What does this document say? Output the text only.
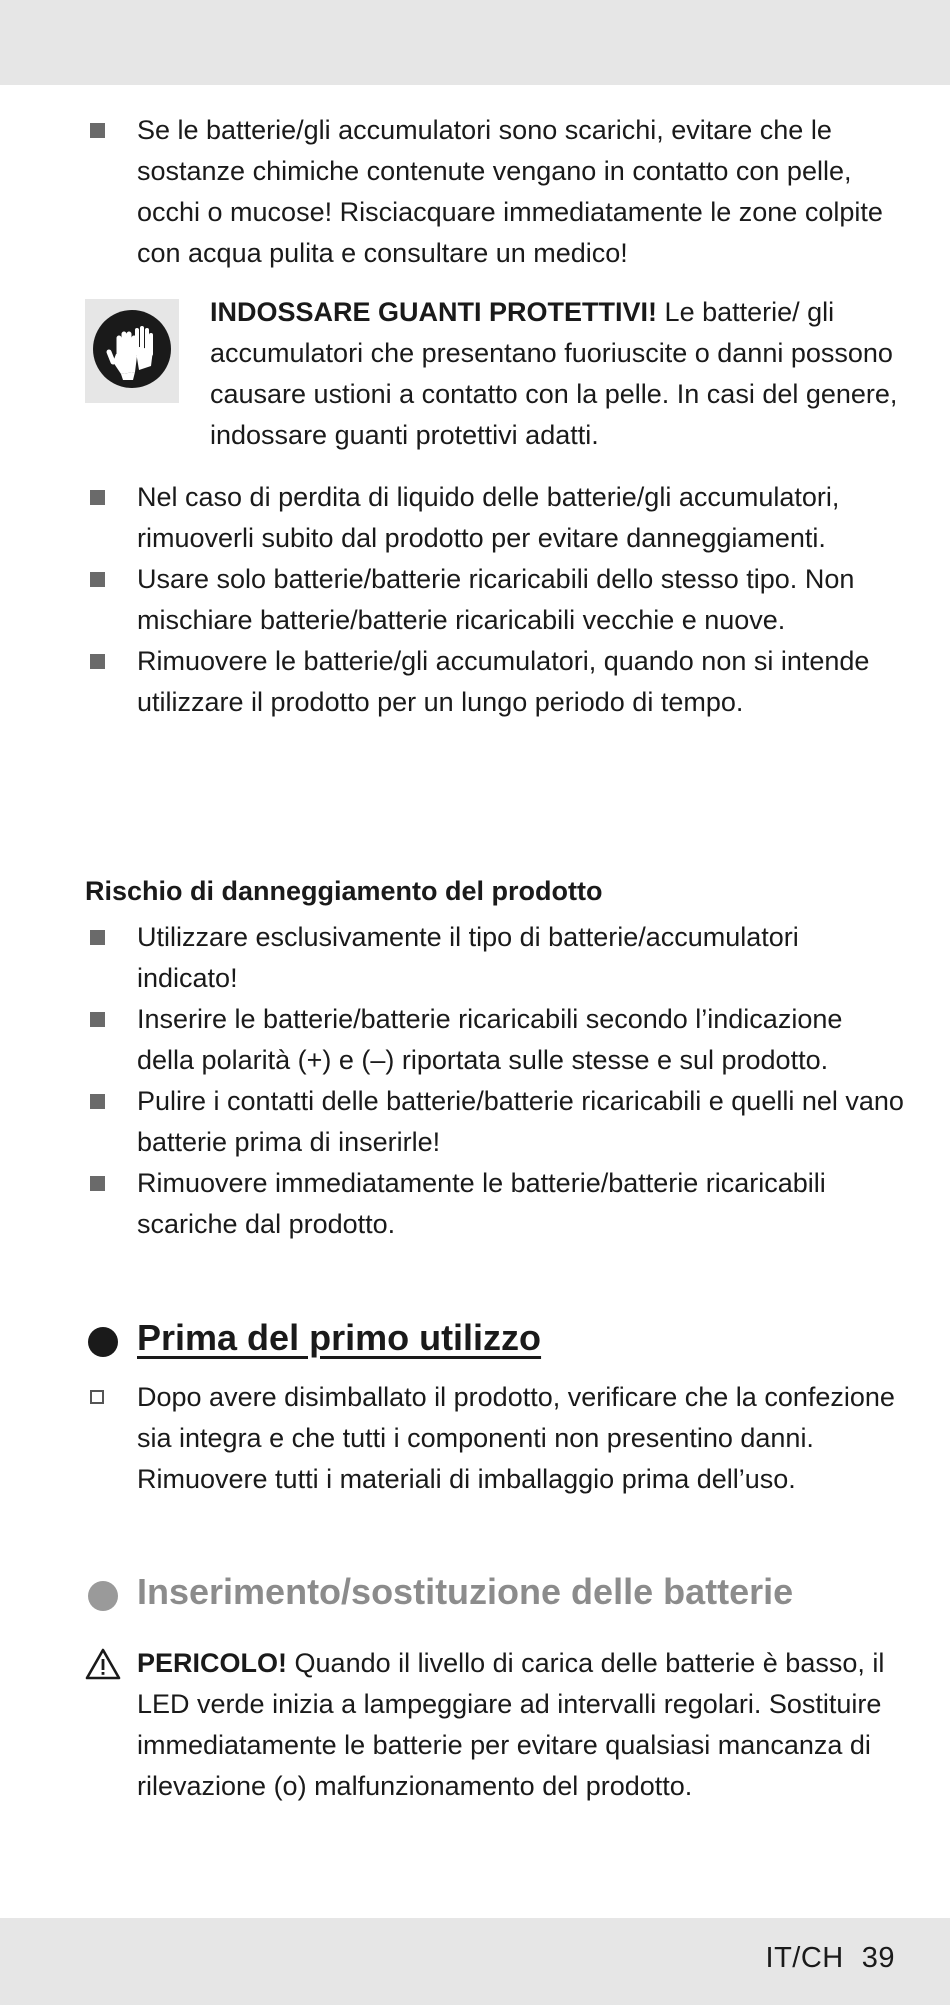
Se le batterie/gli accumulatori sono scarichi, evitare che le sostanze chimiche contenute vengano in contatto con pelle, occhi o mucose! Risciacquare immediatamente le zone colpite con acqua pulita e consultare un medico!
INDOSSARE GUANTI PROTETTIVI! Le batterie/ gli accumulatori che presentano fuoriuscite o danni possono causare ustioni a contatto con la pelle. In casi del genere, indossare guanti protettivi adatti.
Nel caso di perdita di liquido delle batterie/gli accumulatori, rimuoverli subito dal prodotto per evitare danneggiamenti.
Usare solo batterie/batterie ricaricabili dello stesso tipo. Non mischiare batterie/batterie ricaricabili vecchie e nuove.
Rimuovere le batterie/gli accumulatori, quando non si intende utilizzare il prodotto per un lungo periodo di tempo.
Rischio di danneggiamento del prodotto
Utilizzare esclusivamente il tipo di batterie/accumulatori indicato!
Inserire le batterie/batterie ricaricabili secondo l’indicazione della polarità (+) e (–) riportata sulle stesse e sul prodotto.
Pulire i contatti delle batterie/batterie ricaricabili e quelli nel vano batterie prima di inserirle!
Rimuovere immediatamente le batterie/batterie ricaricabili scariche dal prodotto.
Prima del primo utilizzo
Dopo avere disimballato il prodotto, verificare che la confezione sia integra e che tutti i componenti non presentino danni. Rimuovere tutti i materiali di imballaggio prima dell’uso.
Inserimento/sostituzione delle batterie
PERICOLO! Quando il livello di carica delle batterie è basso, il LED verde inizia a lampeggiare ad intervalli regolari. Sostituire immediatamente le batterie per evitare qualsiasi mancanza di rilevazione (o) malfunzionamento del prodotto.
IT/CH 39
